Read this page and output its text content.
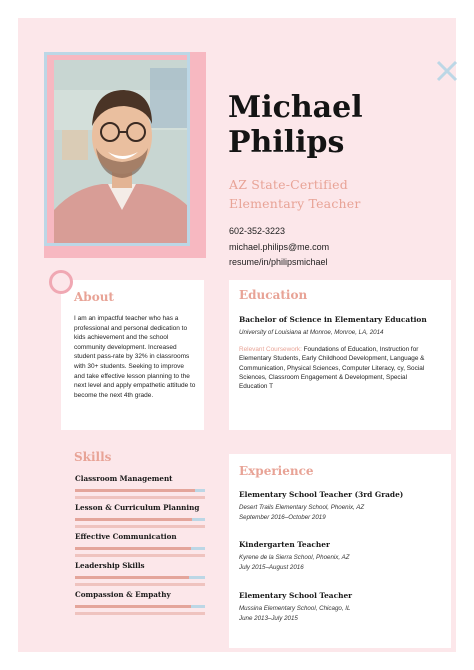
Michael
Philips

AZ State-Certified
Elementary Teacher

602-352-3223
michael.philips@me.com
resume/in/philipsmichael
About

I am an impactful teacher who has a professional and personal dedication to kids achievement and the school community development. Increased student pass-rate by 32% in classrooms with 30+ students. Seeking to improve and take effective lesson planning to the next level and apply empathetic attitude to become the next 4th grade.

Education
Bachelor of Science in Elementary Education
University of Louisiana at Monroe, Monroe, LA, 2014

Relevant Coursework: Foundations of Education, Instruction for Elementary Students, Early Childhood Development, Language & Communication, Physical Sciences, Computer Literacy, cy, Social Sciences, Classroom Engagement & Development, Special Education T

Skills
Classroom Management
Lesson & Curriculum Planning
Effective Communication
Leadership Skills
Compassion & Empathy
Experience
Elementary School Teacher (3rd Grade)
Desert Trails Elementary School, Phoenix, AZ
September 2016–October 2019
Kindergarten Teacher
Kyrene de la Sierra School, Phoenix, AZ
July 2015–August 2016
Elementary School Teacher
Mussina Elementary School, Chicago, IL
June 2013–July 2015
